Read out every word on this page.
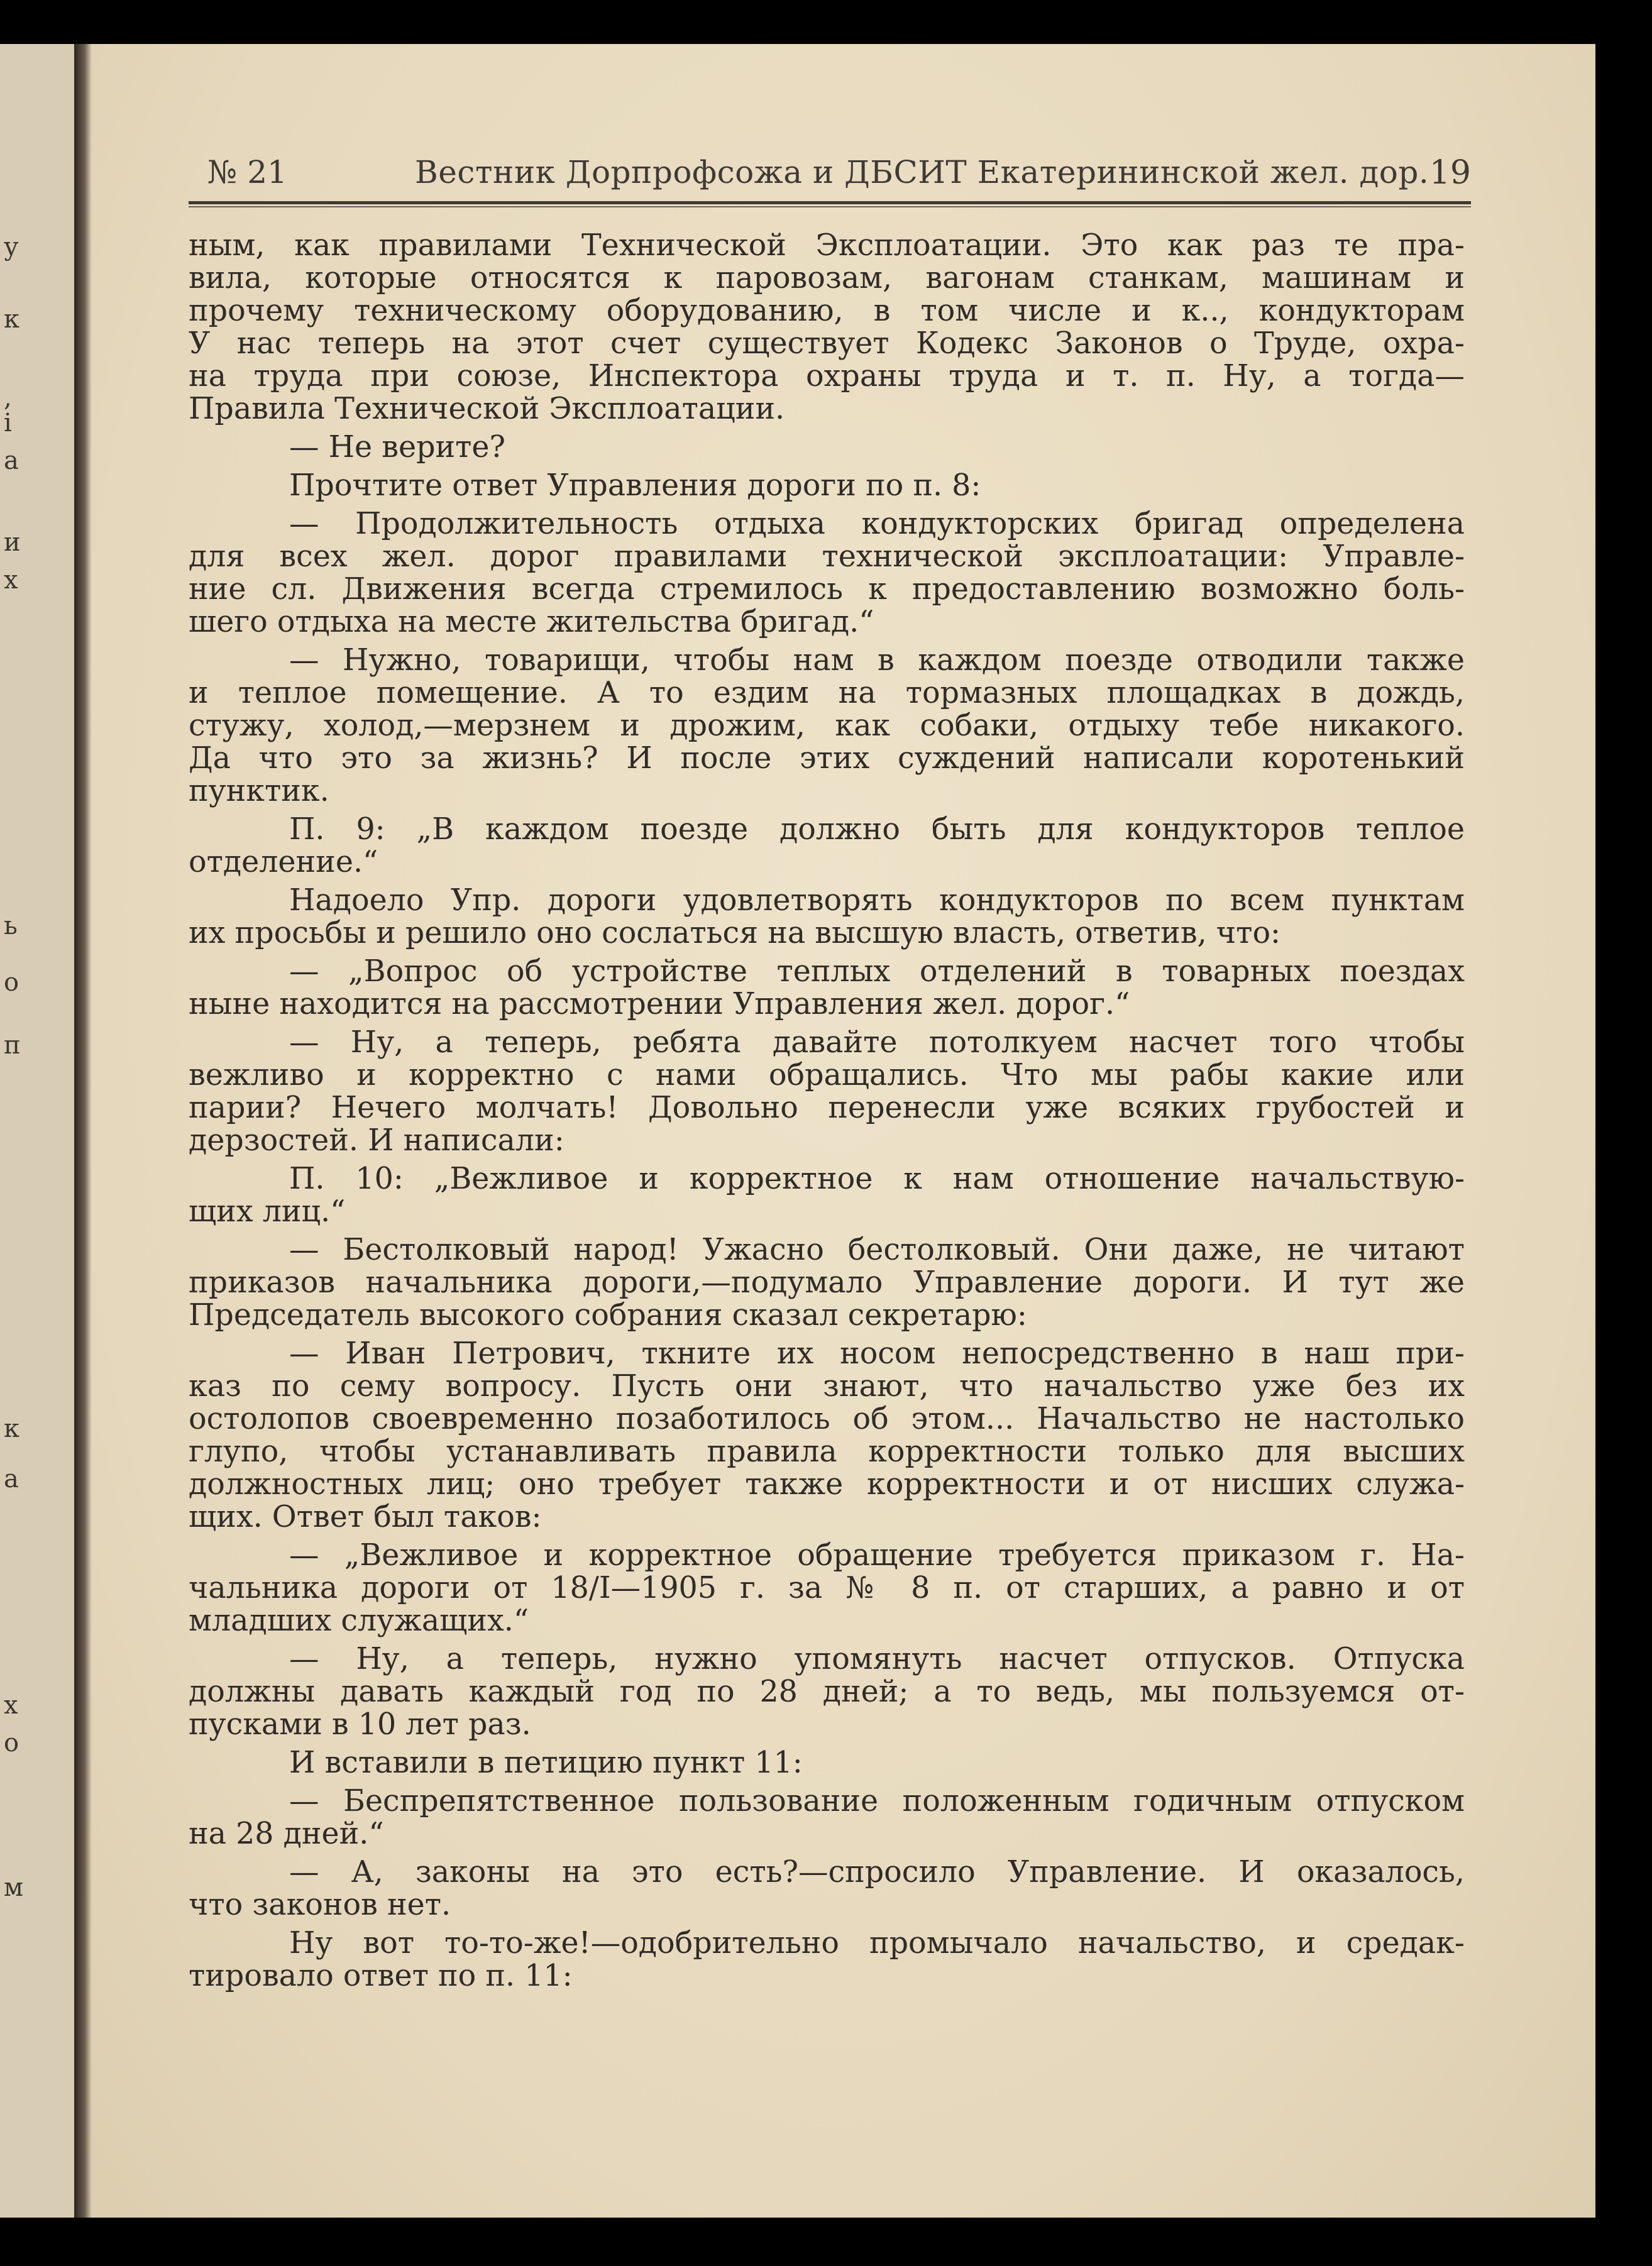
у
к
,
і
а
и
х
ь
о
п
к
а
х
о
м
№ 21	Вестник Дорпрофсожа и ДБСИТ Екатерининской жел. дор. 19

ным, как правилами Технической Эксплоатации. Это как раз те пра-
вила, которые относятся к паровозам, вагонам станкам, машинам и
прочему техническому оборудованию, в том числе и к.., кондукторам
У нас теперь на этот счет существует Кодекс Законов о Труде, охра-
на труда при союзе, Инспектора охраны труда и т. п. Ну, а тогда—
Правила Технической Эксплоатации.

— Не верите?

Прочтите ответ Управления дороги по п. 8:

— Продолжительность отдыха кондукторских бригад определена
для всех жел. дорог правилами технической эксплоатации: Управле-
ние сл. Движения всегда стремилось к предоставлению возможно боль-
шего отдыха на месте жительства бригад.“

— Нужно, товарищи, чтобы нам в каждом поезде отводили также
и теплое помещение. А то ездим на тормазных площадках в дождь,
стужу, холод,—мерзнем и дрожим, как собаки, отдыху тебе никакого.
Да что это за жизнь? И после этих суждений написали коротенький
пунктик.

П. 9: „В каждом поезде должно быть для кондукторов теплое
отделение.“

Надоело Упр. дороги удовлетворять кондукторов по всем пунктам
их просьбы и решило оно сослаться на высшую власть, ответив, что:

— „Вопрос об устройстве теплых отделений в товарных поездах
ныне находится на рассмотрении Управления жел. дорог.“

— Ну, а теперь, ребята давайте потолкуем насчет того чтобы
вежливо и корректно с нами обращались. Что мы рабы какие или
парии? Нечего молчать! Довольно перенесли уже всяких грубостей и
дерзостей. И написали:

П. 10: „Вежливое и корректное к нам отношение начальствую-
щих лиц.“

— Бестолковый народ! Ужасно бестолковый. Они даже, не читают
приказов начальника дороги,—подумало Управление дороги. И тут же
Председатель высокого собрания сказал секретарю:

— Иван Петрович, ткните их носом непосредственно в наш при-
каз по сему вопросу. Пусть они знают, что начальство уже без их
остолопов своевременно позаботилось об этом... Начальство не настолько
глупо, чтобы устанавливать правила корректности только для высших
должностных лиц; оно требует также корректности и от нисших служа-
щих. Ответ был таков:

— „Вежливое и корректное обращение требуется приказом г. На-
чальника дороги от 18/I—1905 г. за № 8 п. от старших, а равно и от
младших служащих.“

— Ну, а теперь, нужно упомянуть насчет отпусков. Отпуска
должны давать каждый год по 28 дней; а то ведь, мы пользуемся от-
пусками в 10 лет раз.

И вставили в петицию пункт 11:

— Беспрепятственное пользование положенным годичным отпуском
на 28 дней.“

— А, законы на это есть?—спросило Управление. И оказалось,
что законов нет.

Ну вот то-то-же!—одобрительно промычало начальство, и средак-
тировало ответ по п. 11:
